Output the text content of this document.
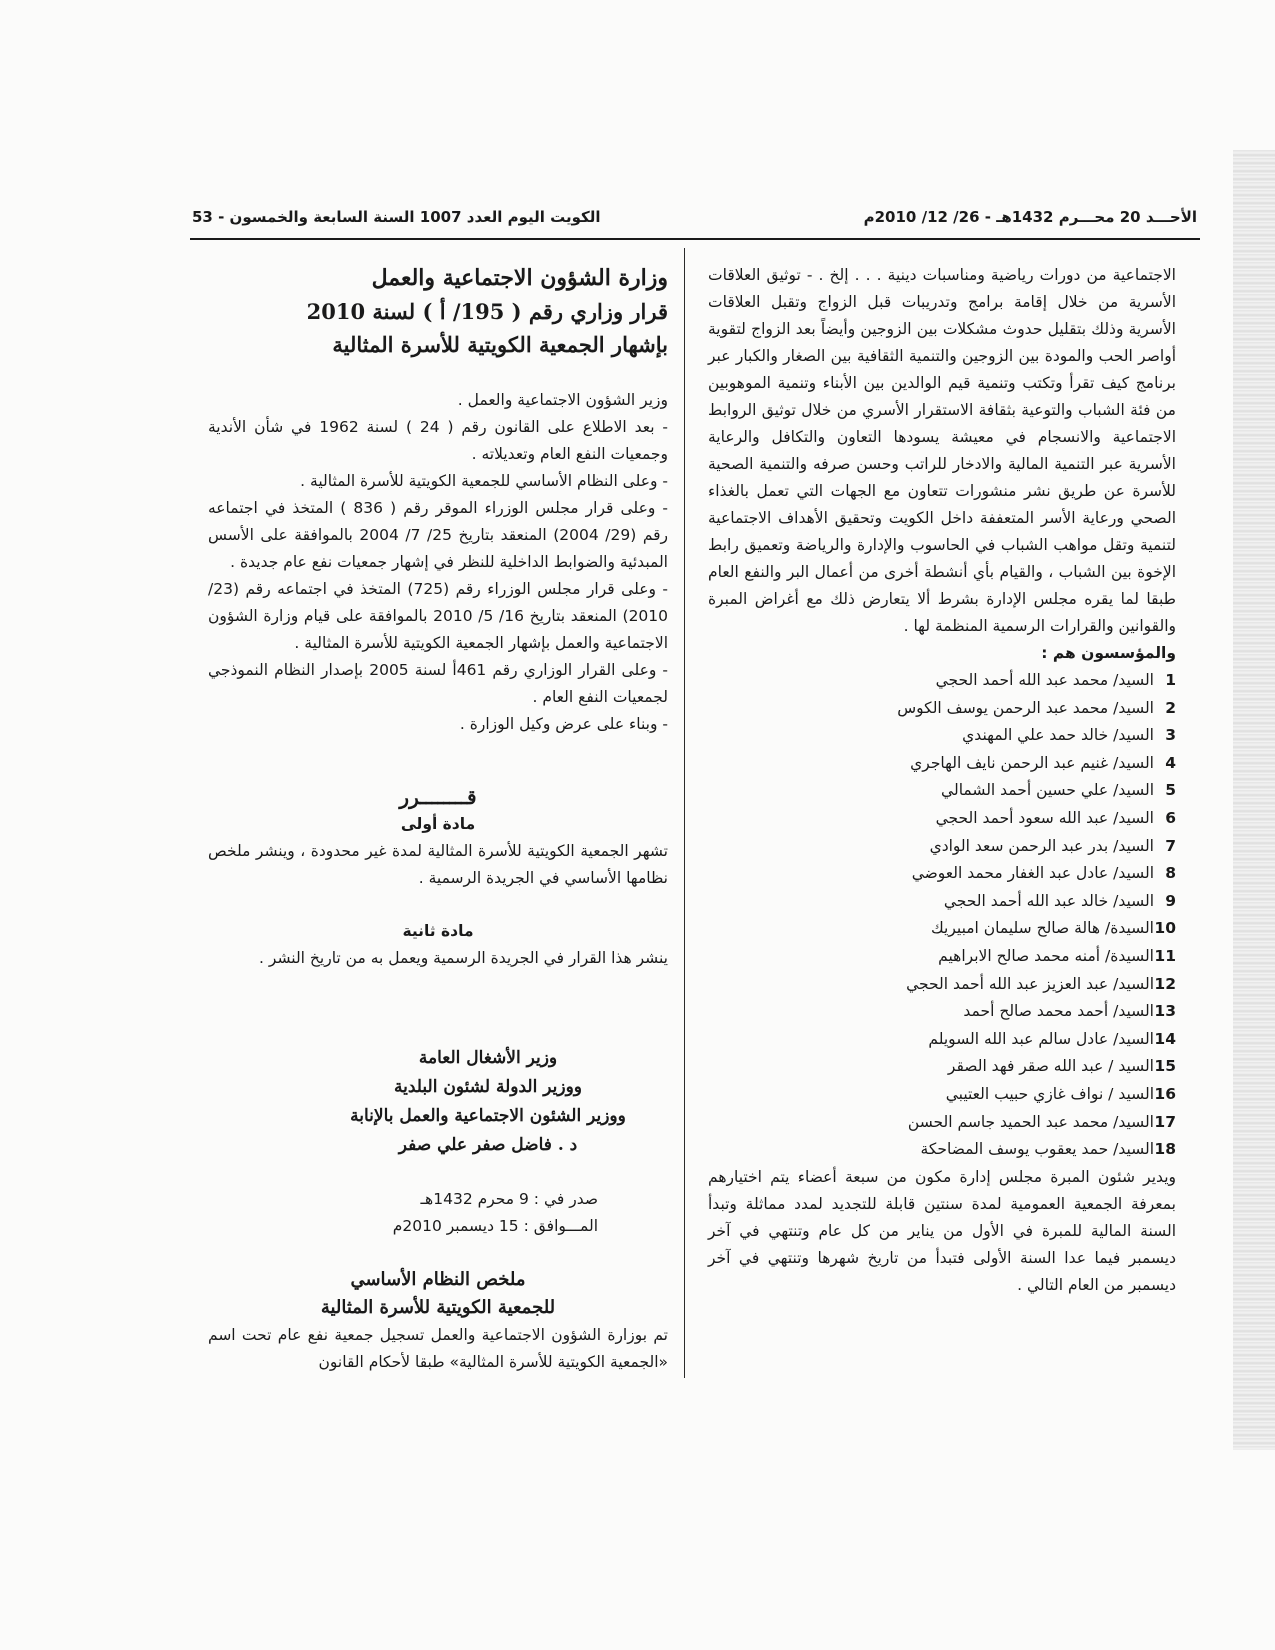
الأحـــد 20 محـــرم 1432هـ - 26/ 12/ 2010م
الكويت اليوم العدد 1007 السنة السابعة والخمسون - 53
وزارة الشؤون الاجتماعية والعمل
قرار وزاري رقم ( 195/ أ ) لسنة 2010
بإشهار الجمعية الكويتية للأسرة المثالية

وزير الشؤون الاجتماعية والعمل .

- بعد الاطلاع على القانون رقم ( 24 ) لسنة 1962 في شأن الأندية وجمعيات النفع العام وتعديلاته .

- وعلى النظام الأساسي للجمعية الكويتية للأسرة المثالية .

- وعلى قرار مجلس الوزراء الموقر رقم ( 836 ) المتخذ في اجتماعه رقم (29/ 2004) المنعقد بتاريخ 25/ 7/ 2004 بالموافقة على الأسس المبدئية والضوابط الداخلية للنظر في إشهار جمعيات نفع عام جديدة .

- وعلى قرار مجلس الوزراء رقم (725) المتخذ في اجتماعه رقم (23/ 2010) المنعقد بتاريخ 16/ 5/ 2010 بالموافقة على قيام وزارة الشؤون الاجتماعية والعمل بإشهار الجمعية الكويتية للأسرة المثالية .

- وعلى القرار الوزاري رقم 461أ لسنة 2005 بإصدار النظام النموذجي لجمعيات النفع العام .

- وبناء على عرض وكيل الوزارة .

قــــــــرر
مادة أولى

تشهر الجمعية الكويتية للأسرة المثالية لمدة غير محدودة ، وينشر ملخص نظامها الأساسي في الجريدة الرسمية .

مادة ثانية

ينشر هذا القرار في الجريدة الرسمية ويعمل به من تاريخ النشر .

وزير الأشغال العامة
ووزير الدولة لشئون البلدية
ووزير الشئون الاجتماعية والعمل بالإنابة
د . فاضل صفر علي صفر
صدر في : 9 محرم 1432هـ
المـــوافق : 15 ديسمبر 2010م
ملخص النظام الأساسي
للجمعية الكويتية للأسرة المثالية

تم بوزارة الشؤون الاجتماعية والعمل تسجيل جمعية نفع عام تحت اسم «الجمعية الكويتية للأسرة المثالية» طبقا لأحكام القانون

الاجتماعية من دورات رياضية ومناسبات دينية . . . إلخ . - توثيق العلاقات الأسرية من خلال إقامة برامج وتدريبات قبل الزواج وتقبل العلاقات الأسرية وذلك بتقليل حدوث مشكلات بين الزوجين وأيضاً بعد الزواج لتقوية أواصر الحب والمودة بين الزوجين والتنمية الثقافية بين الصغار والكبار عبر برنامج كيف تقرأ وتكتب وتنمية قيم الوالدين بين الأبناء وتنمية الموهوبين من فئة الشباب والتوعية بثقافة الاستقرار الأسري من خلال توثيق الروابط الاجتماعية والانسجام في معيشة يسودها التعاون والتكافل والرعاية الأسرية عبر التنمية المالية والادخار للراتب وحسن صرفه والتنمية الصحية للأسرة عن طريق نشر منشورات تتعاون مع الجهات التي تعمل بالغذاء الصحي ورعاية الأسر المتعففة داخل الكويت وتحقيق الأهداف الاجتماعية لتنمية وتقل مواهب الشباب في الحاسوب والإدارة والرياضة وتعميق رابط الإخوة بين الشباب ، والقيام بأي أنشطة أخرى من أعمال البر والنفع العام طبقا لما يقره مجلس الإدارة بشرط ألا يتعارض ذلك مع أغراض المبرة والقوانين والقرارات الرسمية المنظمة لها .

والمؤسسون هم :
1
السيد/ محمد عبد الله أحمد الحجي
2
السيد/ محمد عبد الرحمن يوسف الكوس
3
السيد/ خالد حمد علي المهندي
4
السيد/ غنيم عبد الرحمن نايف الهاجري
5
السيد/ علي حسين أحمد الشمالي
6
السيد/ عبد الله سعود أحمد الحجي
7
السيد/ بدر عبد الرحمن سعد الوادي
8
السيد/ عادل عبد الغفار محمد العوضي
9
السيد/ خالد عبد الله أحمد الحجي
10
السيدة/ هالة صالح سليمان امبيريك
11
السيدة/ أمنه محمد صالح الابراهيم
12
السيد/ عبد العزيز عبد الله أحمد الحجي
13
السيد/ أحمد محمد صالح أحمد
14
السيد/ عادل سالم عبد الله السويلم
15
السيد / عبد الله صقر فهد الصقر
16
السيد / نواف غازي حبيب العتيبي
17
السيد/ محمد عبد الحميد جاسم الحسن
18
السيد/ حمد يعقوب يوسف المضاحكة

ويدير شئون المبرة مجلس إدارة مكون من سبعة أعضاء يتم اختيارهم بمعرفة الجمعية العمومية لمدة سنتين قابلة للتجديد لمدد مماثلة وتبدأ السنة المالية للمبرة في الأول من يناير من كل عام وتنتهي في آخر ديسمبر فيما عدا السنة الأولى فتبدأ من تاريخ شهرها وتنتهي في آخر ديسمبر من العام التالي .
